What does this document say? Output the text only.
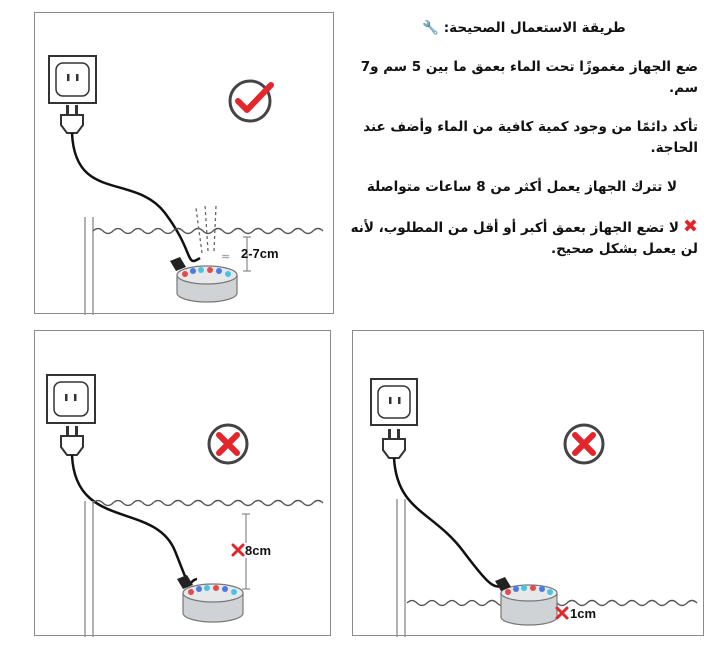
≈ 2-7cm
8cm
1cm
طريقة الاستعمال الصحيحة: 🔧
ضع الجهاز مغموزًا تحت الماء بعمق ما بين 5 سم و7 سم.
تأكد دائمًا من وجود كمية كافية من الماء وأضف عند الحاجة.
لا تترك الجهاز يعمل أكثر من 8 ساعات متواصلة
✖لا تضع الجهاز بعمق أكبر أو أقل من المطلوب، لأنه لن يعمل بشكل صحيح.
